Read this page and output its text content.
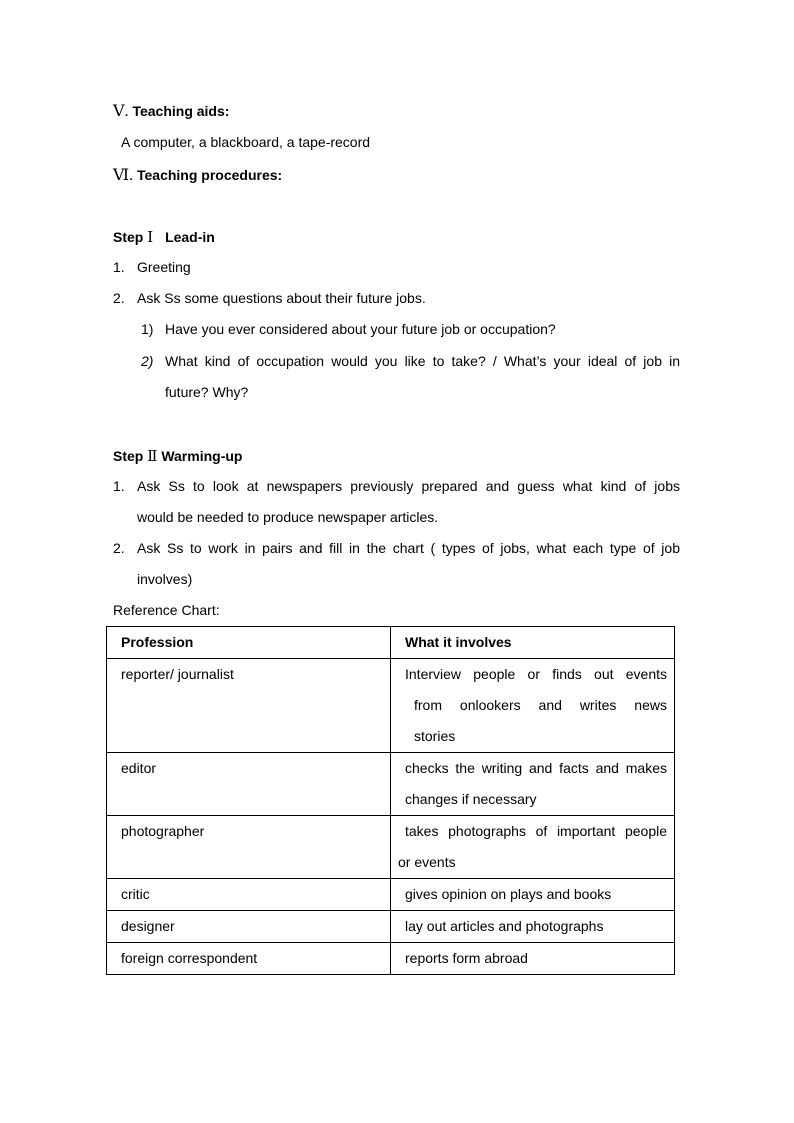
Ⅴ. Teaching aids:
A computer, a blackboard, a tape-record
Ⅵ. Teaching procedures:
Step Ⅰ Lead-in
1. Greeting
2. Ask Ss some questions about their future jobs.
1) Have you ever considered about your future job or occupation?
2) What kind of occupation would you like to take? / What’s your ideal of job in
future? Why?
Step Ⅱ Warming-up
1. Ask Ss to look at newspapers previously prepared and guess what kind of jobs
would be needed to produce newspaper articles.
2. Ask Ss to work in pairs and fill in the chart ( types of jobs, what each type of job
involves)
Reference Chart:
Profession	What it involves

reporter/ journalist	Interview people or finds out events
from onlookers and writes news
stories

editor	checks the writing and facts and makes
changes if necessary

photographer	takes photographs of important people
or events

critic	gives opinion on plays and books

designer	lay out articles and photographs

foreign correspondent	reports form abroad
